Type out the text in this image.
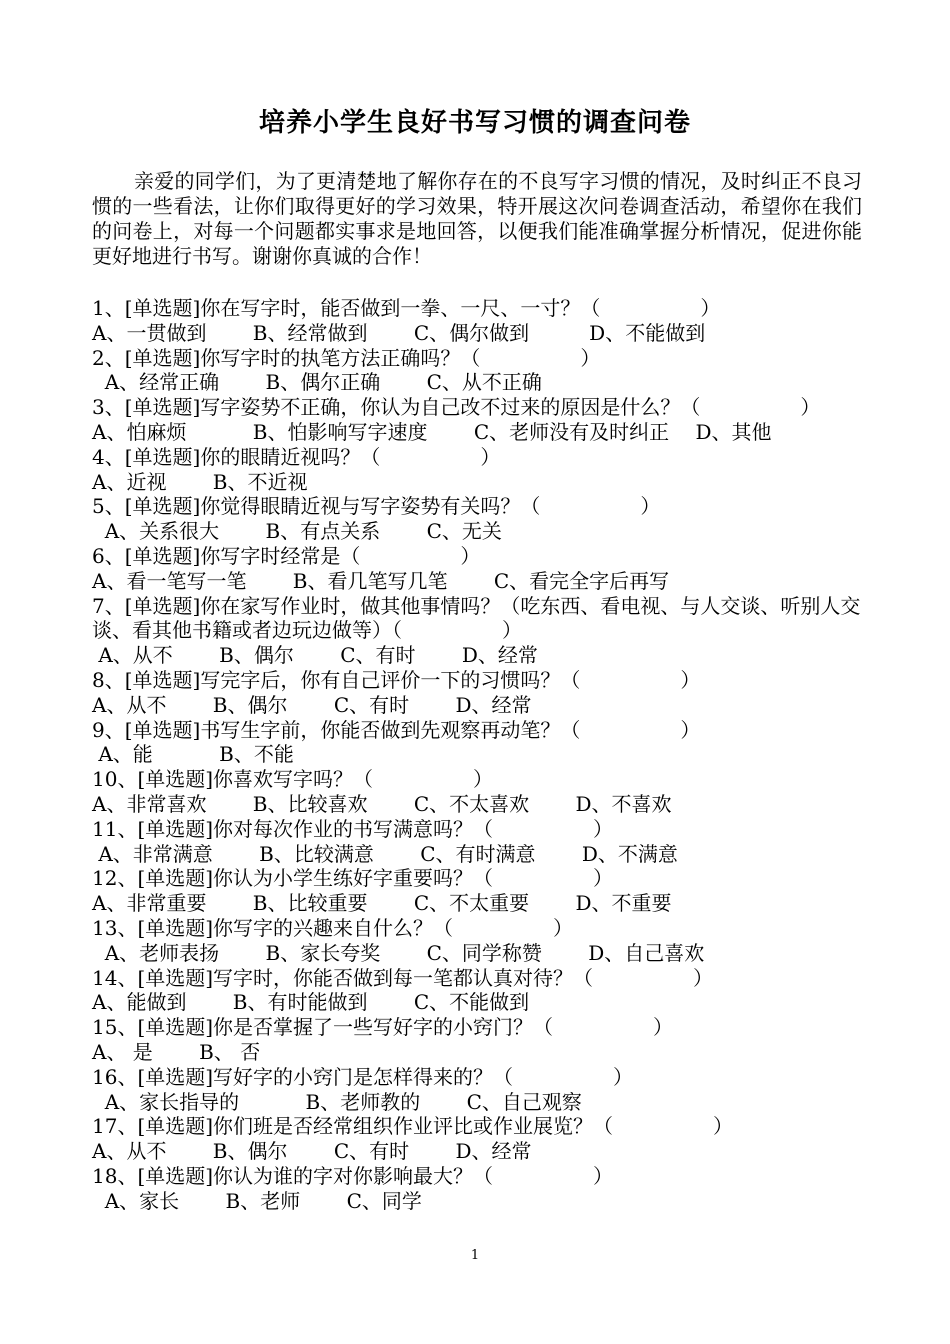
培养小学生良好书写习惯的调查问卷

亲爱的同学们，为了更清楚地了解你存在的不良写字习惯的情况，及时纠正不良习惯的一些看法，让你们取得更好的学习效果，特开展这次问卷调查活动，希望你在我们的问卷上，对每一个问题都实事求是地回答，以便我们能准确掌握分析情况，促进你能更好地进行书写。谢谢你真诚的合作！

1、[单选题]你在写字时，能否做到一拳、一尺、一寸？（　　　　　）
A、一贯做到　　 B、经常做到　　 C、偶尔做到　　　D、不能做到
2、[单选题]你写字时的执笔方法正确吗？（　　　　　）
A、经常正确　　 B、偶尔正确　　 C、从不正确
3、[单选题]写字姿势不正确，你认为自己改不过来的原因是什么？（　　　　　）
A、怕麻烦　　　 B、怕影响写字速度　　 C、老师没有及时纠正　 D、其他
4、[单选题]你的眼睛近视吗？（　　　　　）
A、近视　　 B、不近视
5、[单选题]你觉得眼睛近视与写字姿势有关吗？（　　　　　）
A、关系很大　　 B、有点关系　　 C、无关
6、[单选题]你写字时经常是（　　　　　）
A、看一笔写一笔　　 B、看几笔写几笔　　 C、看完全字后再写
7、[单选题]你在家写作业时，做其他事情吗？（吃东西、看电视、与人交谈、听别人交谈、看其他书籍或者边玩边做等）（　　　　　）
A、从不　　 B、偶尔　　 C、有时　　 D、经常
8、[单选题]写完字后，你有自己评价一下的习惯吗？（　　　　　）
A、从不　　 B、偶尔　　 C、有时　　 D、经常
9、[单选题]书写生字前，你能否做到先观察再动笔？（　　　　　）
A、能　　　 B、不能
10、[单选题]你喜欢写字吗？（　　　　　）
A、非常喜欢　　 B、比较喜欢　　 C、不太喜欢　　 D、不喜欢
11、[单选题]你对每次作业的书写满意吗？（　　　　　）
A、非常满意　　 B、比较满意　　 C、有时满意　　 D、不满意
12、[单选题]你认为小学生练好字重要吗？（　　　　　）
A、非常重要　　 B、比较重要　　 C、不太重要　　 D、不重要
13、[单选题]你写字的兴趣来自什么？（　　　　　）
A、老师表扬　　 B、家长夸奖　　 C、同学称赞　　 D、自己喜欢
14、[单选题]写字时，你能否做到每一笔都认真对待？（　　　　　）
A、能做到　　 B、有时能做到　　 C、不能做到
15、[单选题]你是否掌握了一些写好字的小窍门？（　　　　　）
A、 是　　 B、 否
16、[单选题]写好字的小窍门是怎样得来的？（　　　　　）
A、家长指导的　　　 B、老师教的　　 C、自己观察
17、[单选题]你们班是否经常组织作业评比或作业展览？（　　　　　）
A、从不　　 B、偶尔　　 C、有时　　 D、经常
18、[单选题]你认为谁的字对你影响最大？（　　　　　）
A、家长　　 B、老师　　 C、同学
1
